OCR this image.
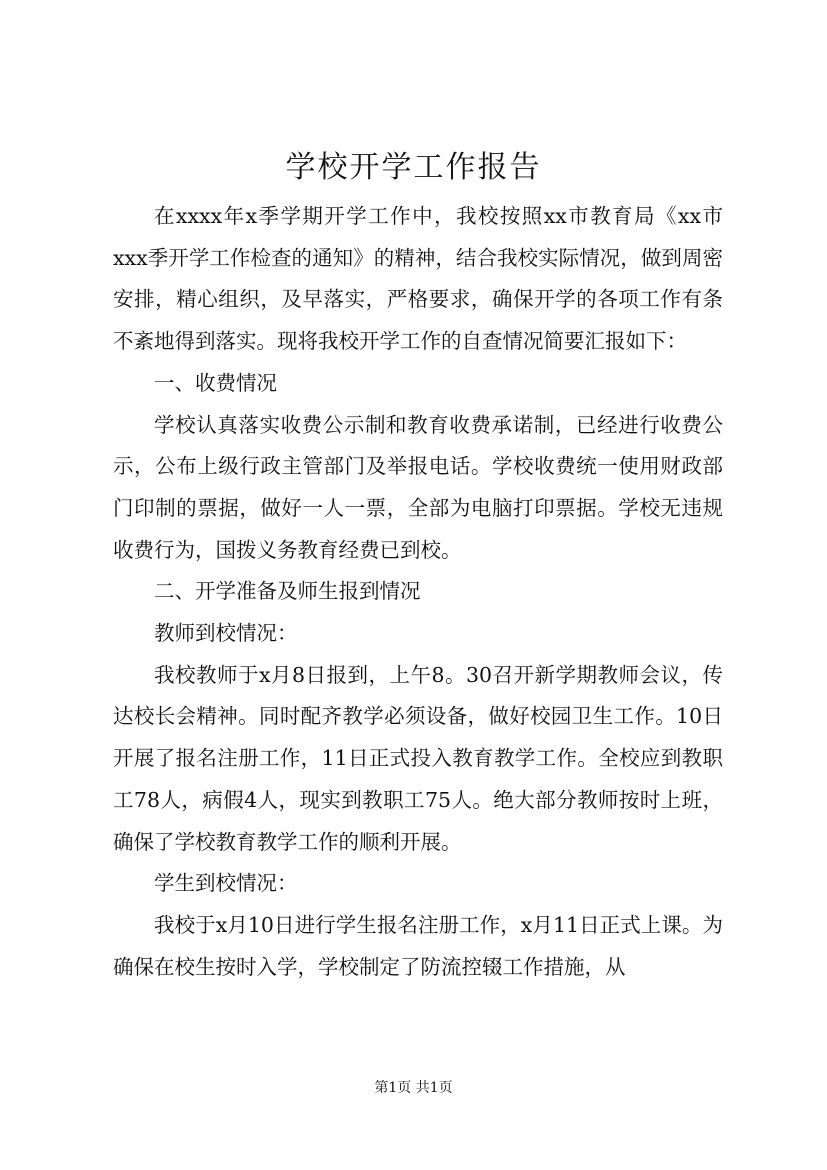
学校开学工作报告

在xxxx年x季学期开学工作中，我校按照xx市教育局《xx市xxx季开学工作检查的通知》的精神，结合我校实际情况，做到周密安排，精心组织，及早落实，严格要求，确保开学的各项工作有条不紊地得到落实。现将我校开学工作的自查情况简要汇报如下：

一、收费情况

学校认真落实收费公示制和教育收费承诺制，已经进行收费公示，公布上级行政主管部门及举报电话。学校收费统一使用财政部门印制的票据，做好一人一票，全部为电脑打印票据。学校无违规收费行为，国拨义务教育经费已到校。

二、开学准备及师生报到情况

教师到校情况：

我校教师于x月8日报到，上午8。30召开新学期教师会议，传达校长会精神。同时配齐教学必须设备，做好校园卫生工作。10日开展了报名注册工作，11日正式投入教育教学工作。全校应到教职工78人，病假4人，现实到教职工75人。绝大部分教师按时上班，确保了学校教育教学工作的顺利开展。

学生到校情况：

我校于x月10日进行学生报名注册工作，x月11日正式上课。为确保在校生按时入学，学校制定了防流控辍工作措施，从

第1页 共1页
